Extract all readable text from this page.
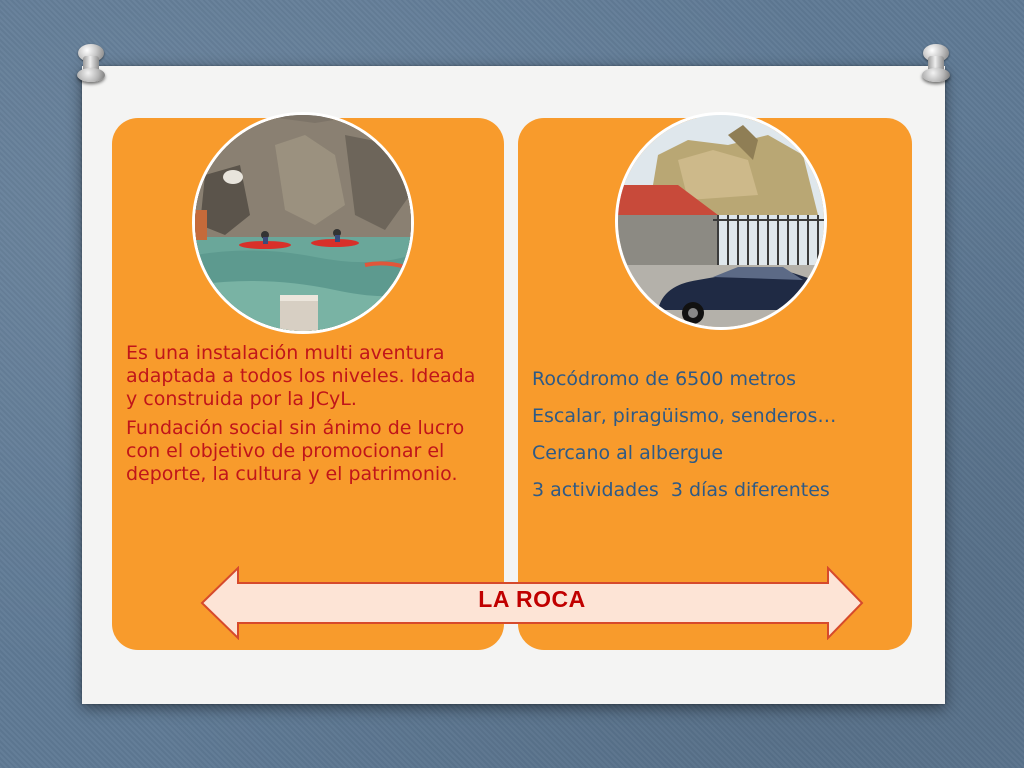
Es una instalación multi aventura adaptada a todos los niveles. Ideada y construida por la JCyL.

Fundación social sin ánimo de lucro con el objetivo de promocionar el deporte, la cultura y el patrimonio.

Rocódromo de 6500 metros

Escalar, piragüismo, senderos…

Cercano al albergue

3 actividades  3 días diferentes

LA ROCA
